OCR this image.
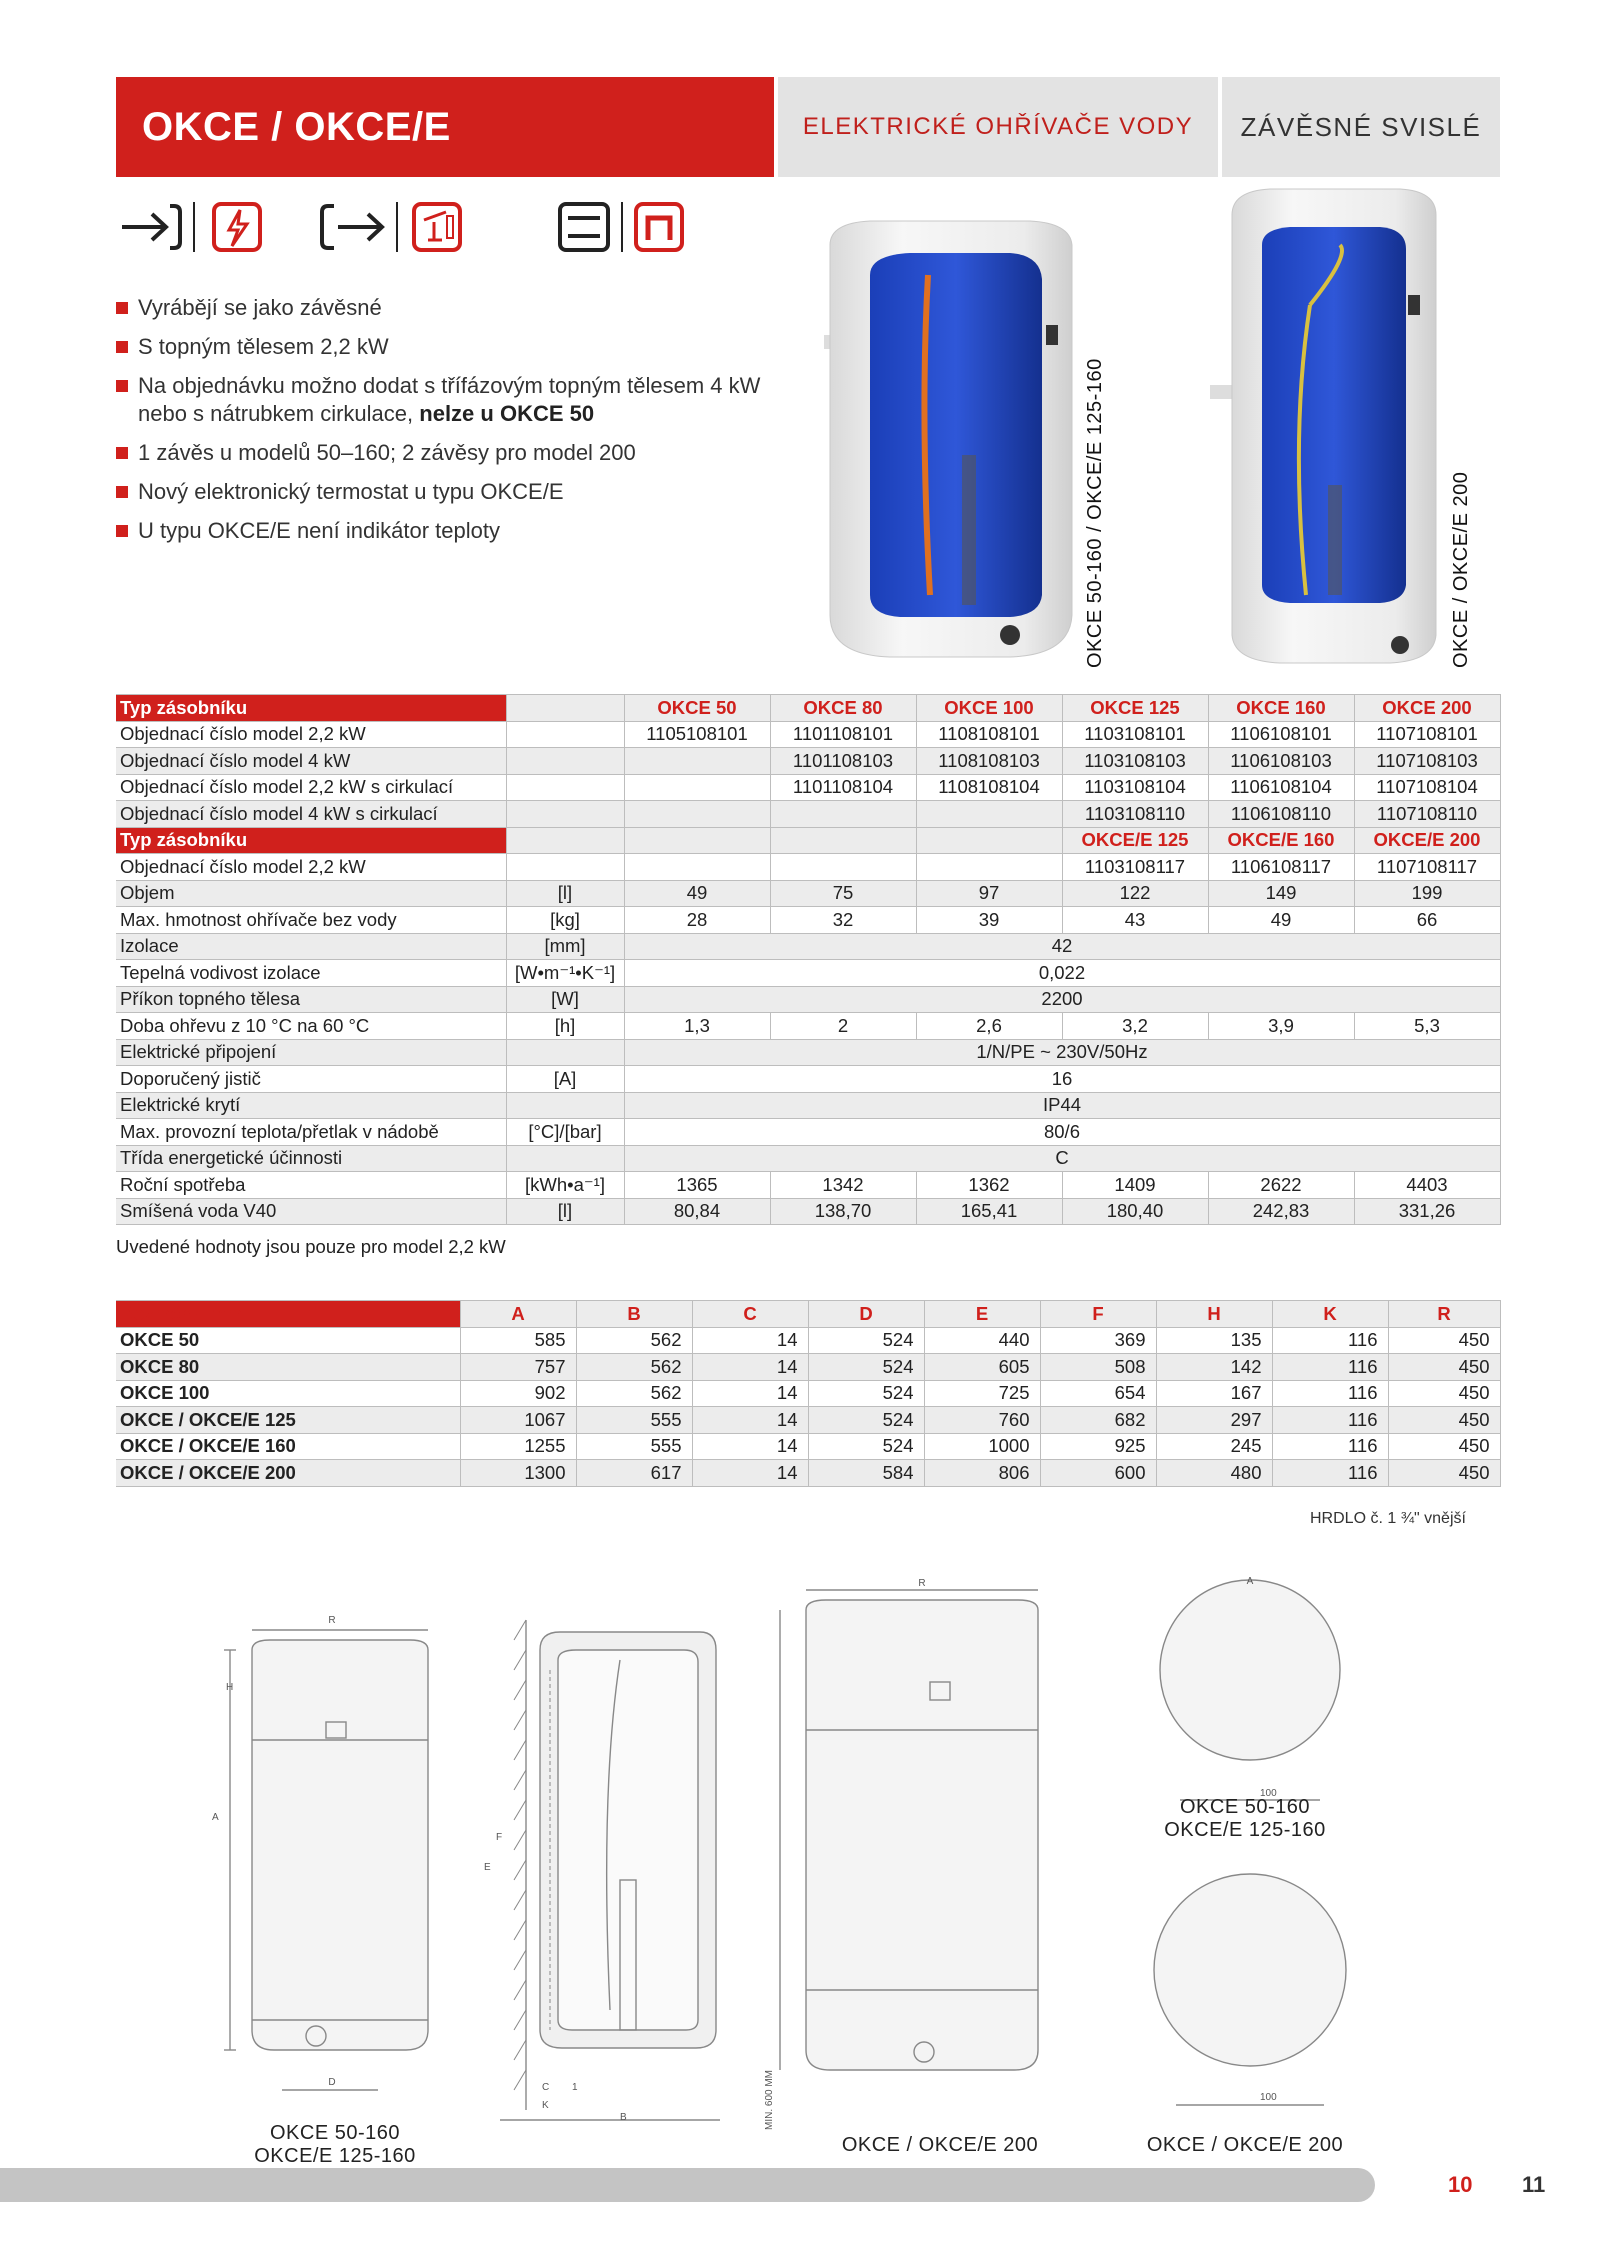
OKCE / OKCE/E	ELEKTRICKÉ OHŘÍVAČE VODY	ZÁVĚSNÉ SVISLÉ
Vyrábějí se jako závěsné
S topným tělesem 2,2 kW
Na objednávku možno dodat s třífázovým topným tělesem 4 kW nebo s nátrubkem cirkulace, nelze u OKCE 50
1 závěs u modelů 50–160; 2 závěsy pro model 200
Nový elektronický termostat u typu OKCE/E
U typu OKCE/E není indikátor teploty	OKCE 50-160 / OKCE/E 125-160	OKCE / OKCE/E 200
Typ zásobníku		OKCE 50	OKCE 80	OKCE 100	OKCE 125	OKCE 160	OKCE 200
Objednací číslo model 2,2 kW		1105108101	1101108101	1108108101	1103108101	1106108101	1107108101
Objednací číslo model 4 kW			1101108103	1108108103	1103108103	1106108103	1107108103
Objednací číslo model 2,2 kW s cirkulací			1101108104	1108108104	1103108104	1106108104	1107108104
Objednací číslo model 4 kW s cirkulací					1103108110	1106108110	1107108110
Typ zásobníku					OKCE/E 125	OKCE/E 160	OKCE/E 200
Objednací číslo model 2,2 kW					1103108117	1106108117	1107108117
Objem	[l]	49	75	97	122	149	199
Max. hmotnost ohřívače bez vody	[kg]	28	32	39	43	49	66
Izolace	[mm]	42					
Tepelná vodivost izolace	[W•m⁻¹•K⁻¹]	0,022					
Příkon topného tělesa	[W]	2200					
Doba ohřevu z 10 °C na 60 °C	[h]	1,3	2	2,6	3,2	3,9	5,3
Elektrické připojení		1/N/PE ~ 230V/50Hz					
Doporučený jistič	[A]	16					
Elektrické krytí		IP44					
Max. provozní teplota/přetlak v nádobě	[°C]/[bar]	80/6					
Třída energetické účinnosti		C					
Roční spotřeba	[kWh•a⁻¹]	1365	1342	1362	1409	2622	4403
Smíšená voda V40	[l]	80,84	138,70	165,41	180,40	242,83	331,26
Uvedené hodnoty jsou pouze pro model 2,2 kW
Rozměry [mm]	A	B	C	D	E	F	H	K	R
OKCE 50	585	562	14	524	440	369	135	116	450
OKCE 80	757	562	14	524	605	508	142	116	450
OKCE 100	902	562	14	524	725	654	167	116	450
OKCE / OKCE/E 125	1067	555	14	524	760	682	297	116	450
OKCE / OKCE/E 160	1255	555	14	524	1000	925	245	116	450
OKCE / OKCE/E 200	1300	617	14	584	806	600	480	116	450
HRDLO č. 1 ¾" vnější
R
H
A
D	C
K
1
B
E
F
MIN. 600 MM
R	A
100
100
OKCE 50-160
OKCE/E 125-160	OKCE / OKCE/E 200
OKCE 50-160
OKCE/E 125-160
OKCE / OKCE/E 200
10 11
